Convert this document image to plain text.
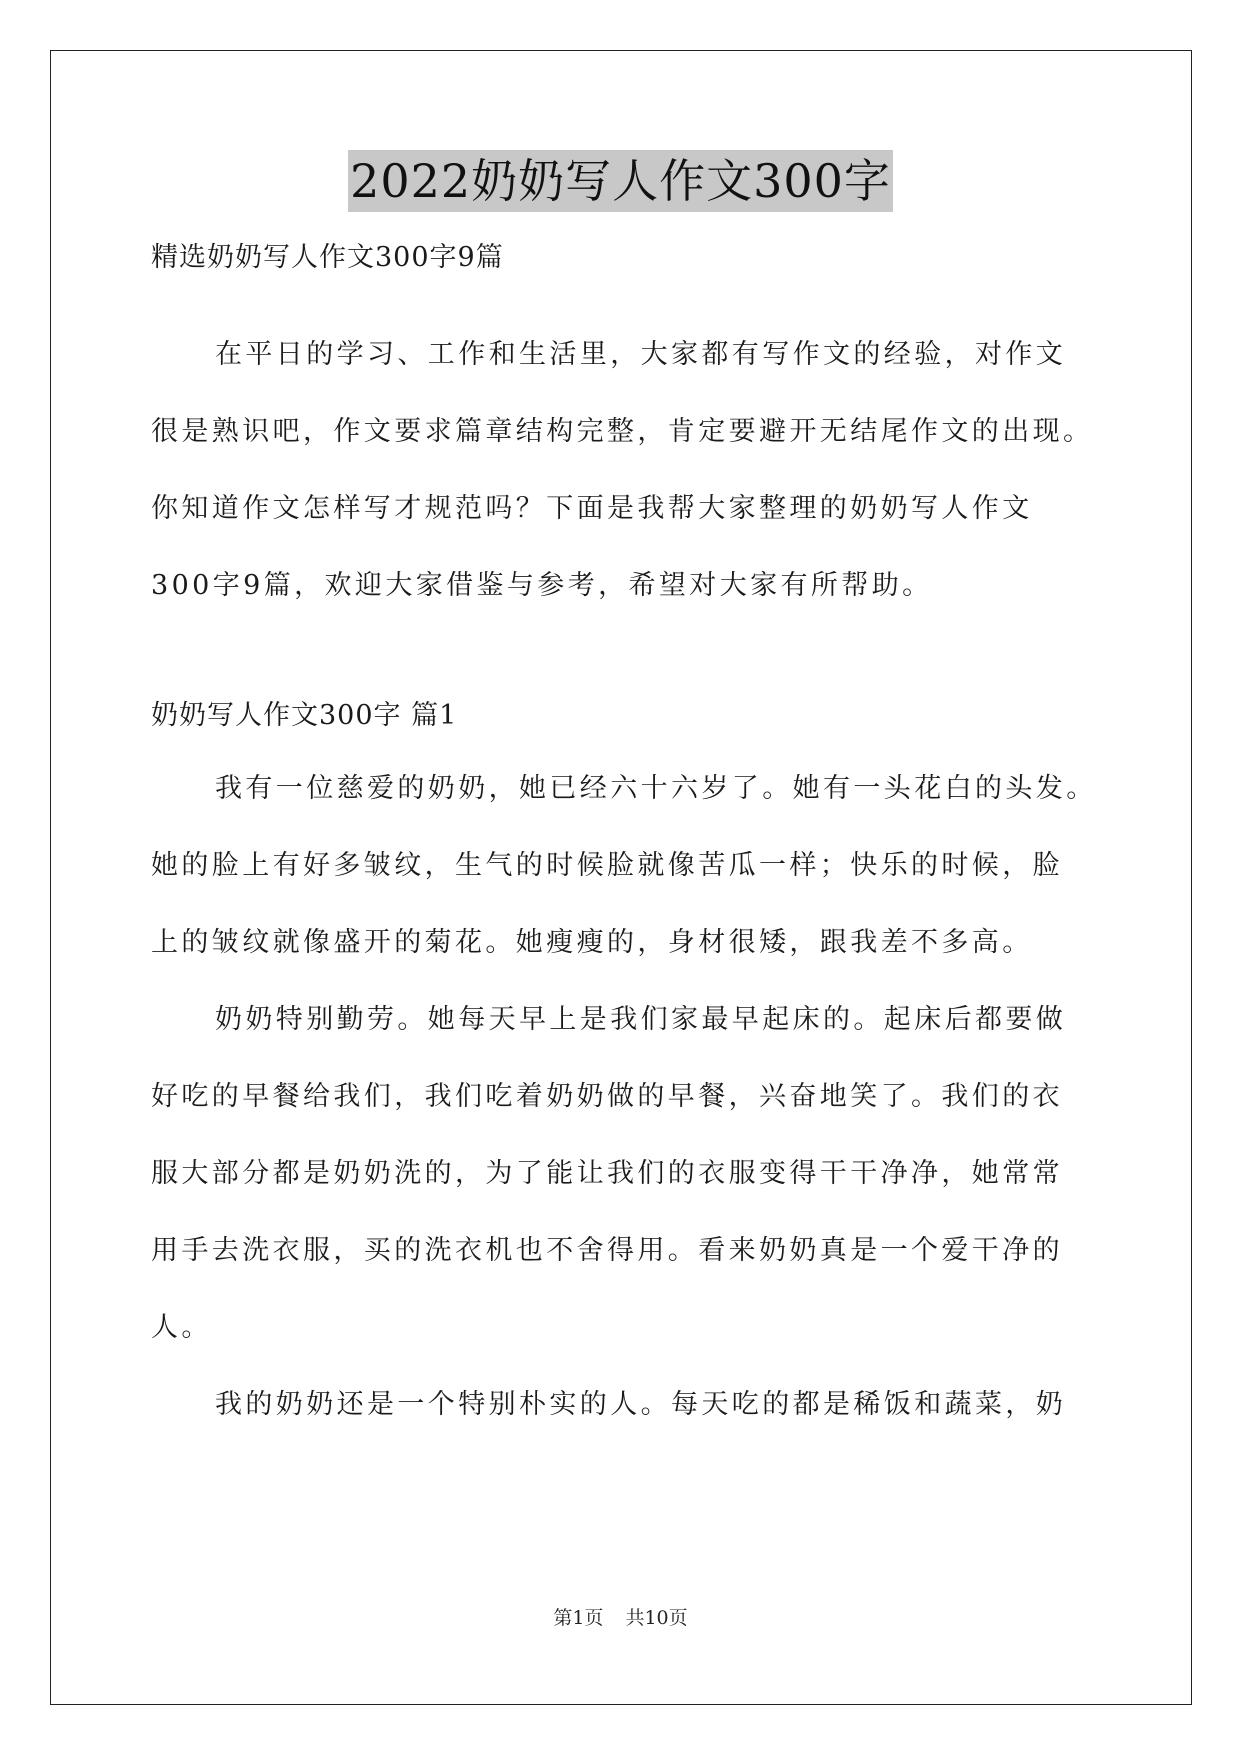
2022奶奶写人作文300字

精选奶奶写人作文300字9篇

在平日的学习、工作和生活里，大家都有写作文的经验，对作文
很是熟识吧，作文要求篇章结构完整，肯定要避开无结尾作文的出现。
你知道作文怎样写才规范吗？下面是我帮大家整理的奶奶写人作文
300字9篇，欢迎大家借鉴与参考，希望对大家有所帮助。

奶奶写人作文300字 篇1

我有一位慈爱的奶奶，她已经六十六岁了。她有一头花白的头发。
她的脸上有好多皱纹，生气的时候脸就像苦瓜一样；快乐的时候，脸
上的皱纹就像盛开的菊花。她瘦瘦的，身材很矮，跟我差不多高。

奶奶特别勤劳。她每天早上是我们家最早起床的。起床后都要做
好吃的早餐给我们，我们吃着奶奶做的早餐，兴奋地笑了。我们的衣
服大部分都是奶奶洗的，为了能让我们的衣服变得干干净净，她常常
用手去洗衣服，买的洗衣机也不舍得用。看来奶奶真是一个爱干净的
人。

我的奶奶还是一个特别朴实的人。每天吃的都是稀饭和蔬菜，奶

第1页 共10页
